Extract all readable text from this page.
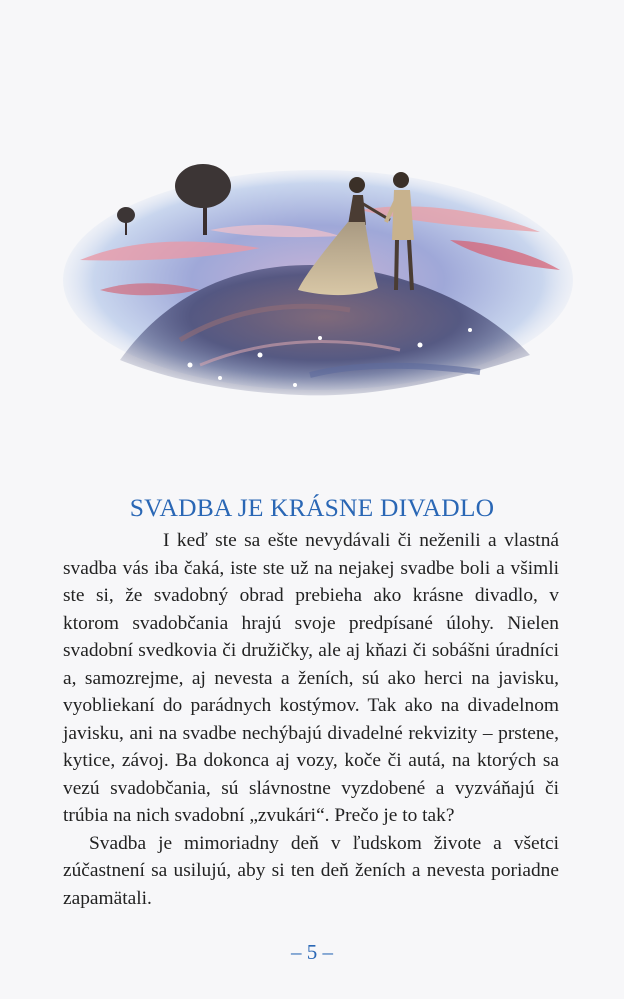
SVADBA JE KRÁSNE DIVADLO

I keď ste sa ešte nevydávali či neženili a vlastná svadba vás iba čaká, iste ste už na nejakej svadbe boli a všimli ste si, že svadobný obrad prebieha ako krásne divadlo, v ktorom svadobčania hrajú svoje predpísané úlohy. Nielen svadobní svedkovia či družičky, ale aj kňazi či sobášni úradníci a, samozrejme, aj nevesta a ženích, sú ako herci na javisku, vyobliekaní do parádnych kostýmov. Tak ako na divadelnom javisku, ani na svadbe nechýbajú divadelné rekvizity – prstene, kytice, závoj. Ba dokonca aj vozy, koče či autá, na ktorých sa vezú svadobčania, sú slávnostne vyzdobené a vyzváňajú či trúbia na nich svadobní „zvukári“. Prečo je to tak?

Svadba je mimoriadny deň v ľudskom živote a všetci zúčastnení sa usilujú, aby si ten deň ženích a nevesta poriadne zapamätali.

– 5 –
